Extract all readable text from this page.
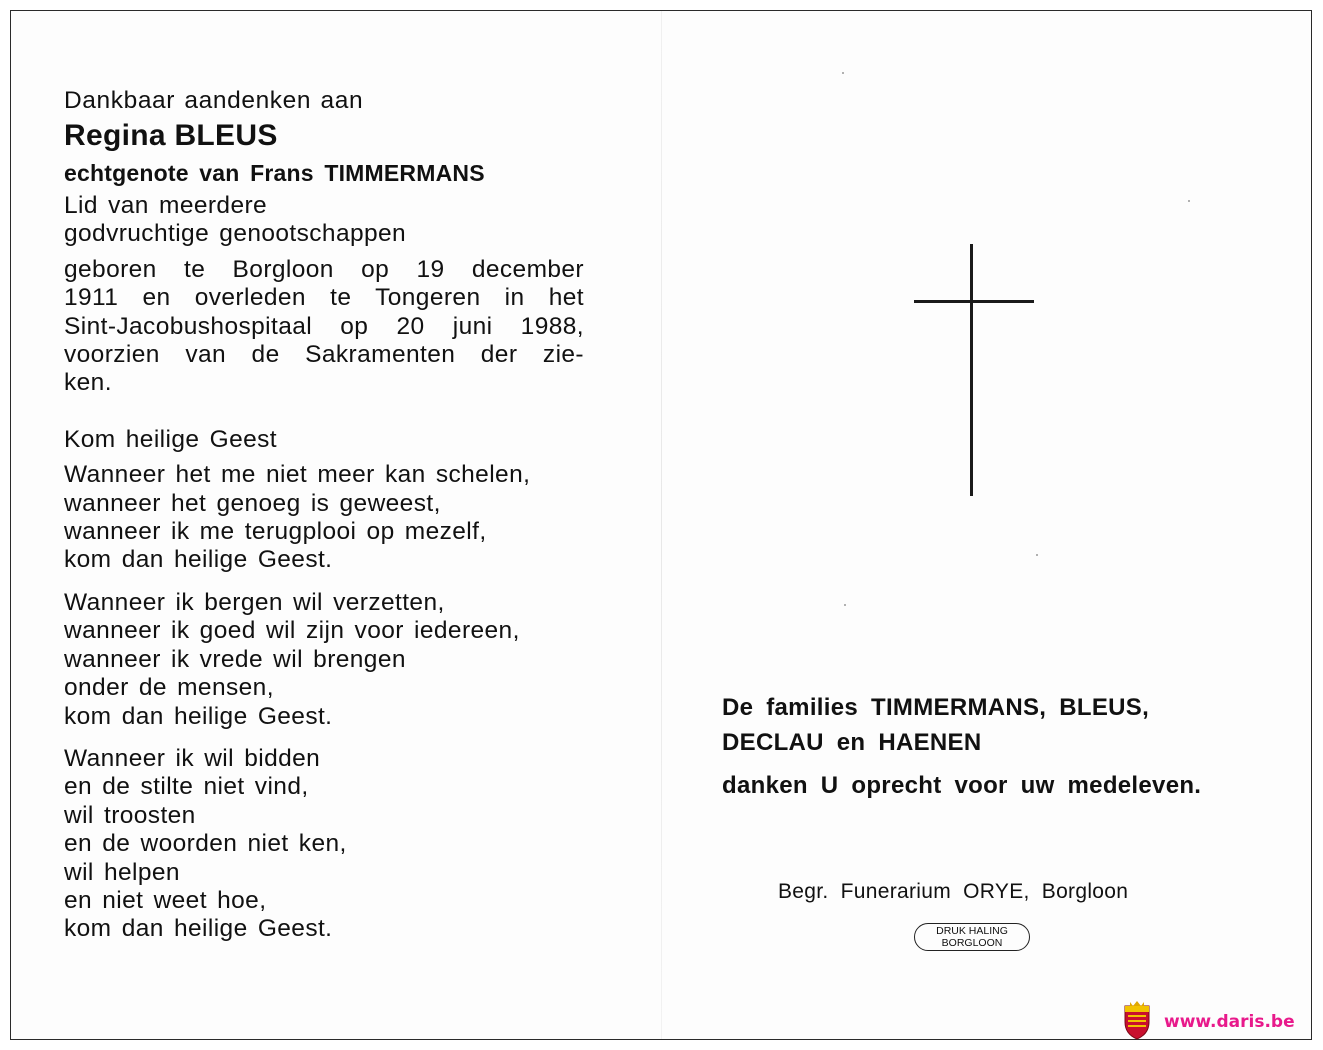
Dankbaar aandenken aan
Regina BLEUS
echtgenote van Frans TIMMERMANS
Lid van meerdere
godvruchtige genootschappen
geboren te Borgloon op 19 december
1911 en overleden te Tongeren in het
Sint-Jacobushospitaal op 20 juni 1988,
voorzien van de Sakramenten der zie-
ken.
Kom heilige Geest
Wanneer het me niet meer kan schelen,
wanneer het genoeg is geweest,
wanneer ik me terugplooi op mezelf,
kom dan heilige Geest.
Wanneer ik bergen wil verzetten,
wanneer ik goed wil zijn voor iedereen,
wanneer ik vrede wil brengen
onder de mensen,
kom dan heilige Geest.
Wanneer ik wil bidden
en de stilte niet vind,
wil troosten
en de woorden niet ken,
wil helpen
en niet weet hoe,
kom dan heilige Geest.
De families TIMMERMANS, BLEUS,
DECLAU en HAENEN
danken U oprecht voor uw medeleven.
Begr. Funerarium ORYE, Borgloon
DRUK HALING
BORGLOON
www.daris.be
